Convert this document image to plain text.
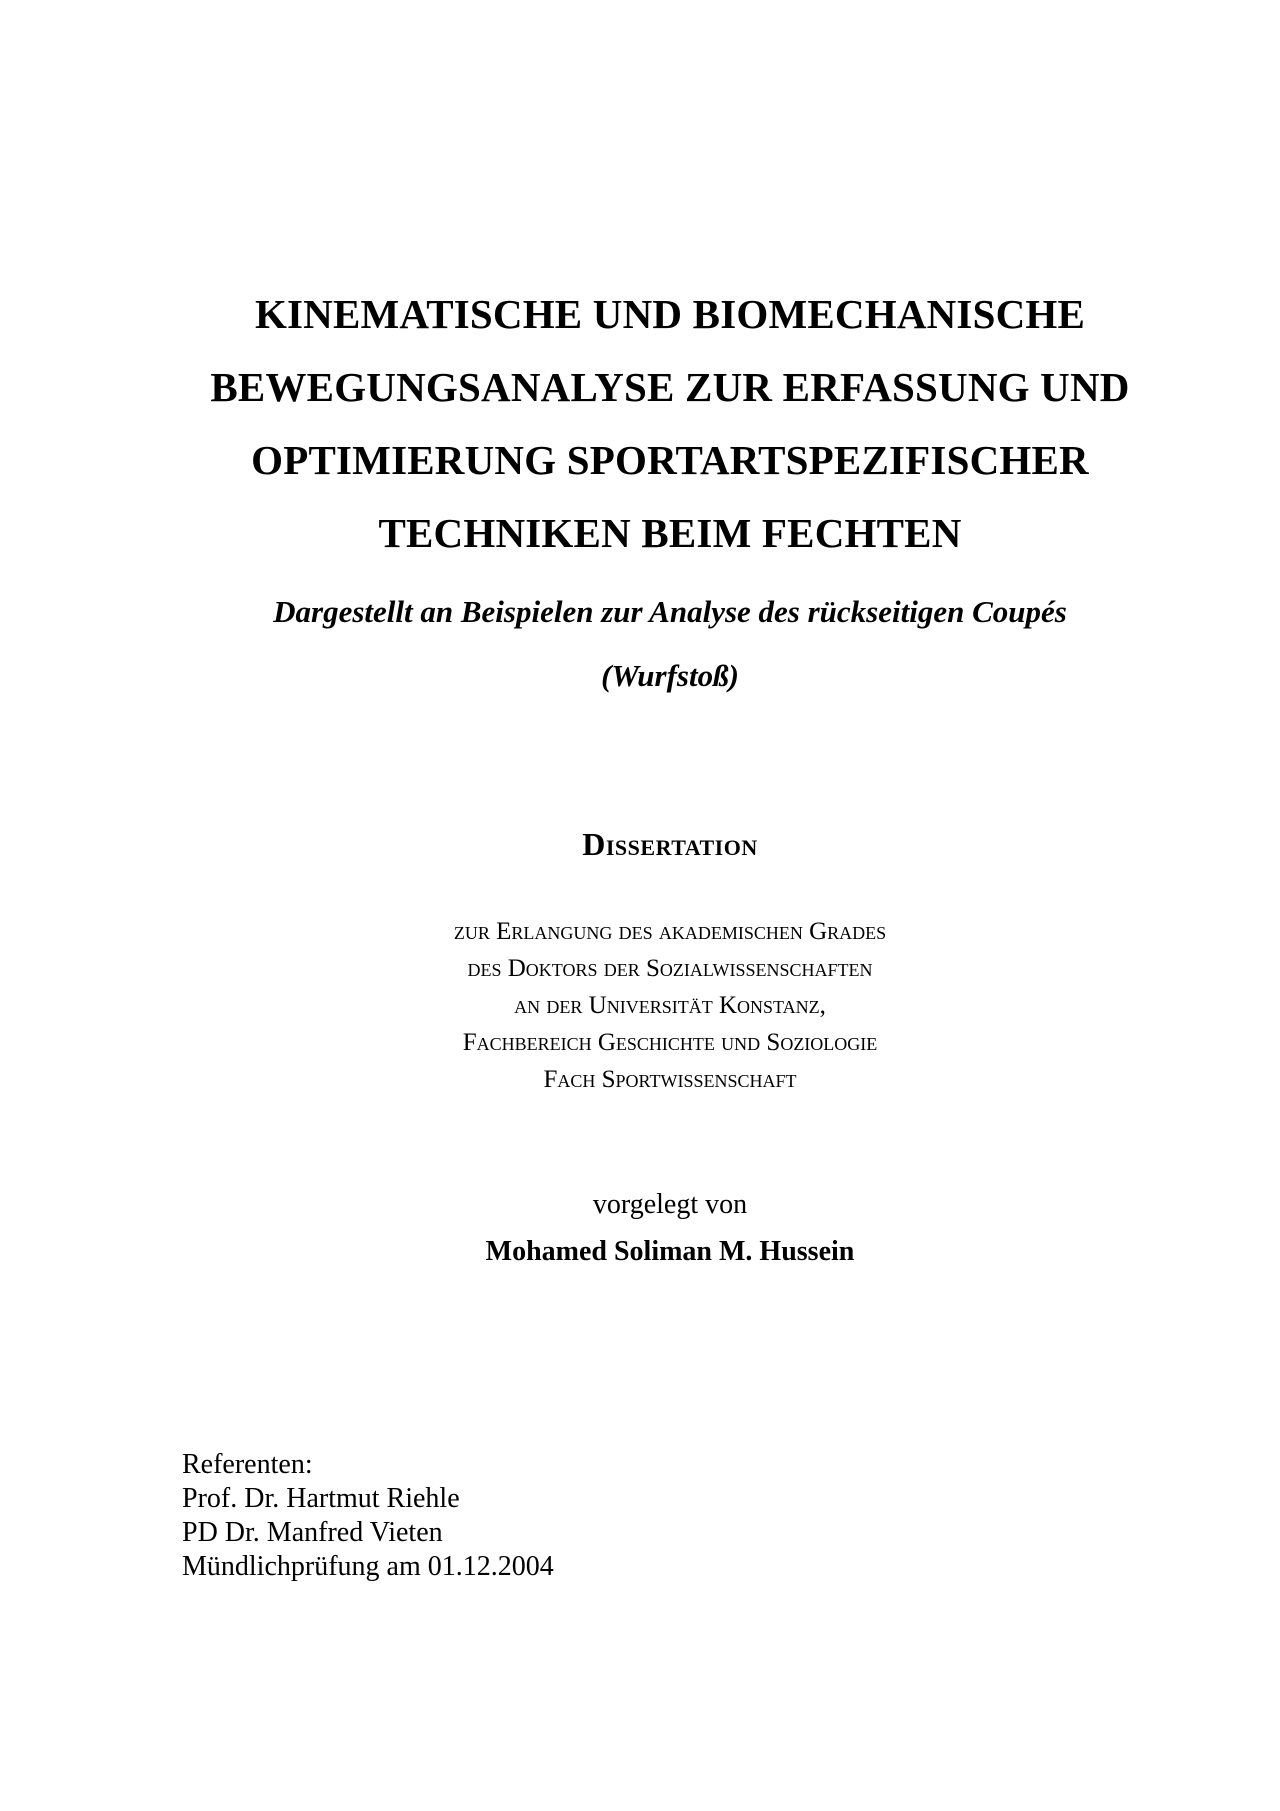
KINEMATISCHE UND BIOMECHANISCHE
BEWEGUNGSANALYSE ZUR ERFASSUNG UND
OPTIMIERUNG SPORTARTSPEZIFISCHER
TECHNIKEN BEIM FECHTEN
Dargestellt an Beispielen zur Analyse des rückseitigen Coupés
(Wurfstoß)
Dissertation
zur Erlangung des akademischen Grades
des Doktors der Sozialwissenschaften
an der Universität Konstanz,
Fachbereich Geschichte und Soziologie
Fach Sportwissenschaft
vorgelegt von
Mohamed Soliman M. Hussein
Referenten:
Prof. Dr. Hartmut Riehle
PD Dr. Manfred Vieten
Mündlichprüfung am 01.12.2004
